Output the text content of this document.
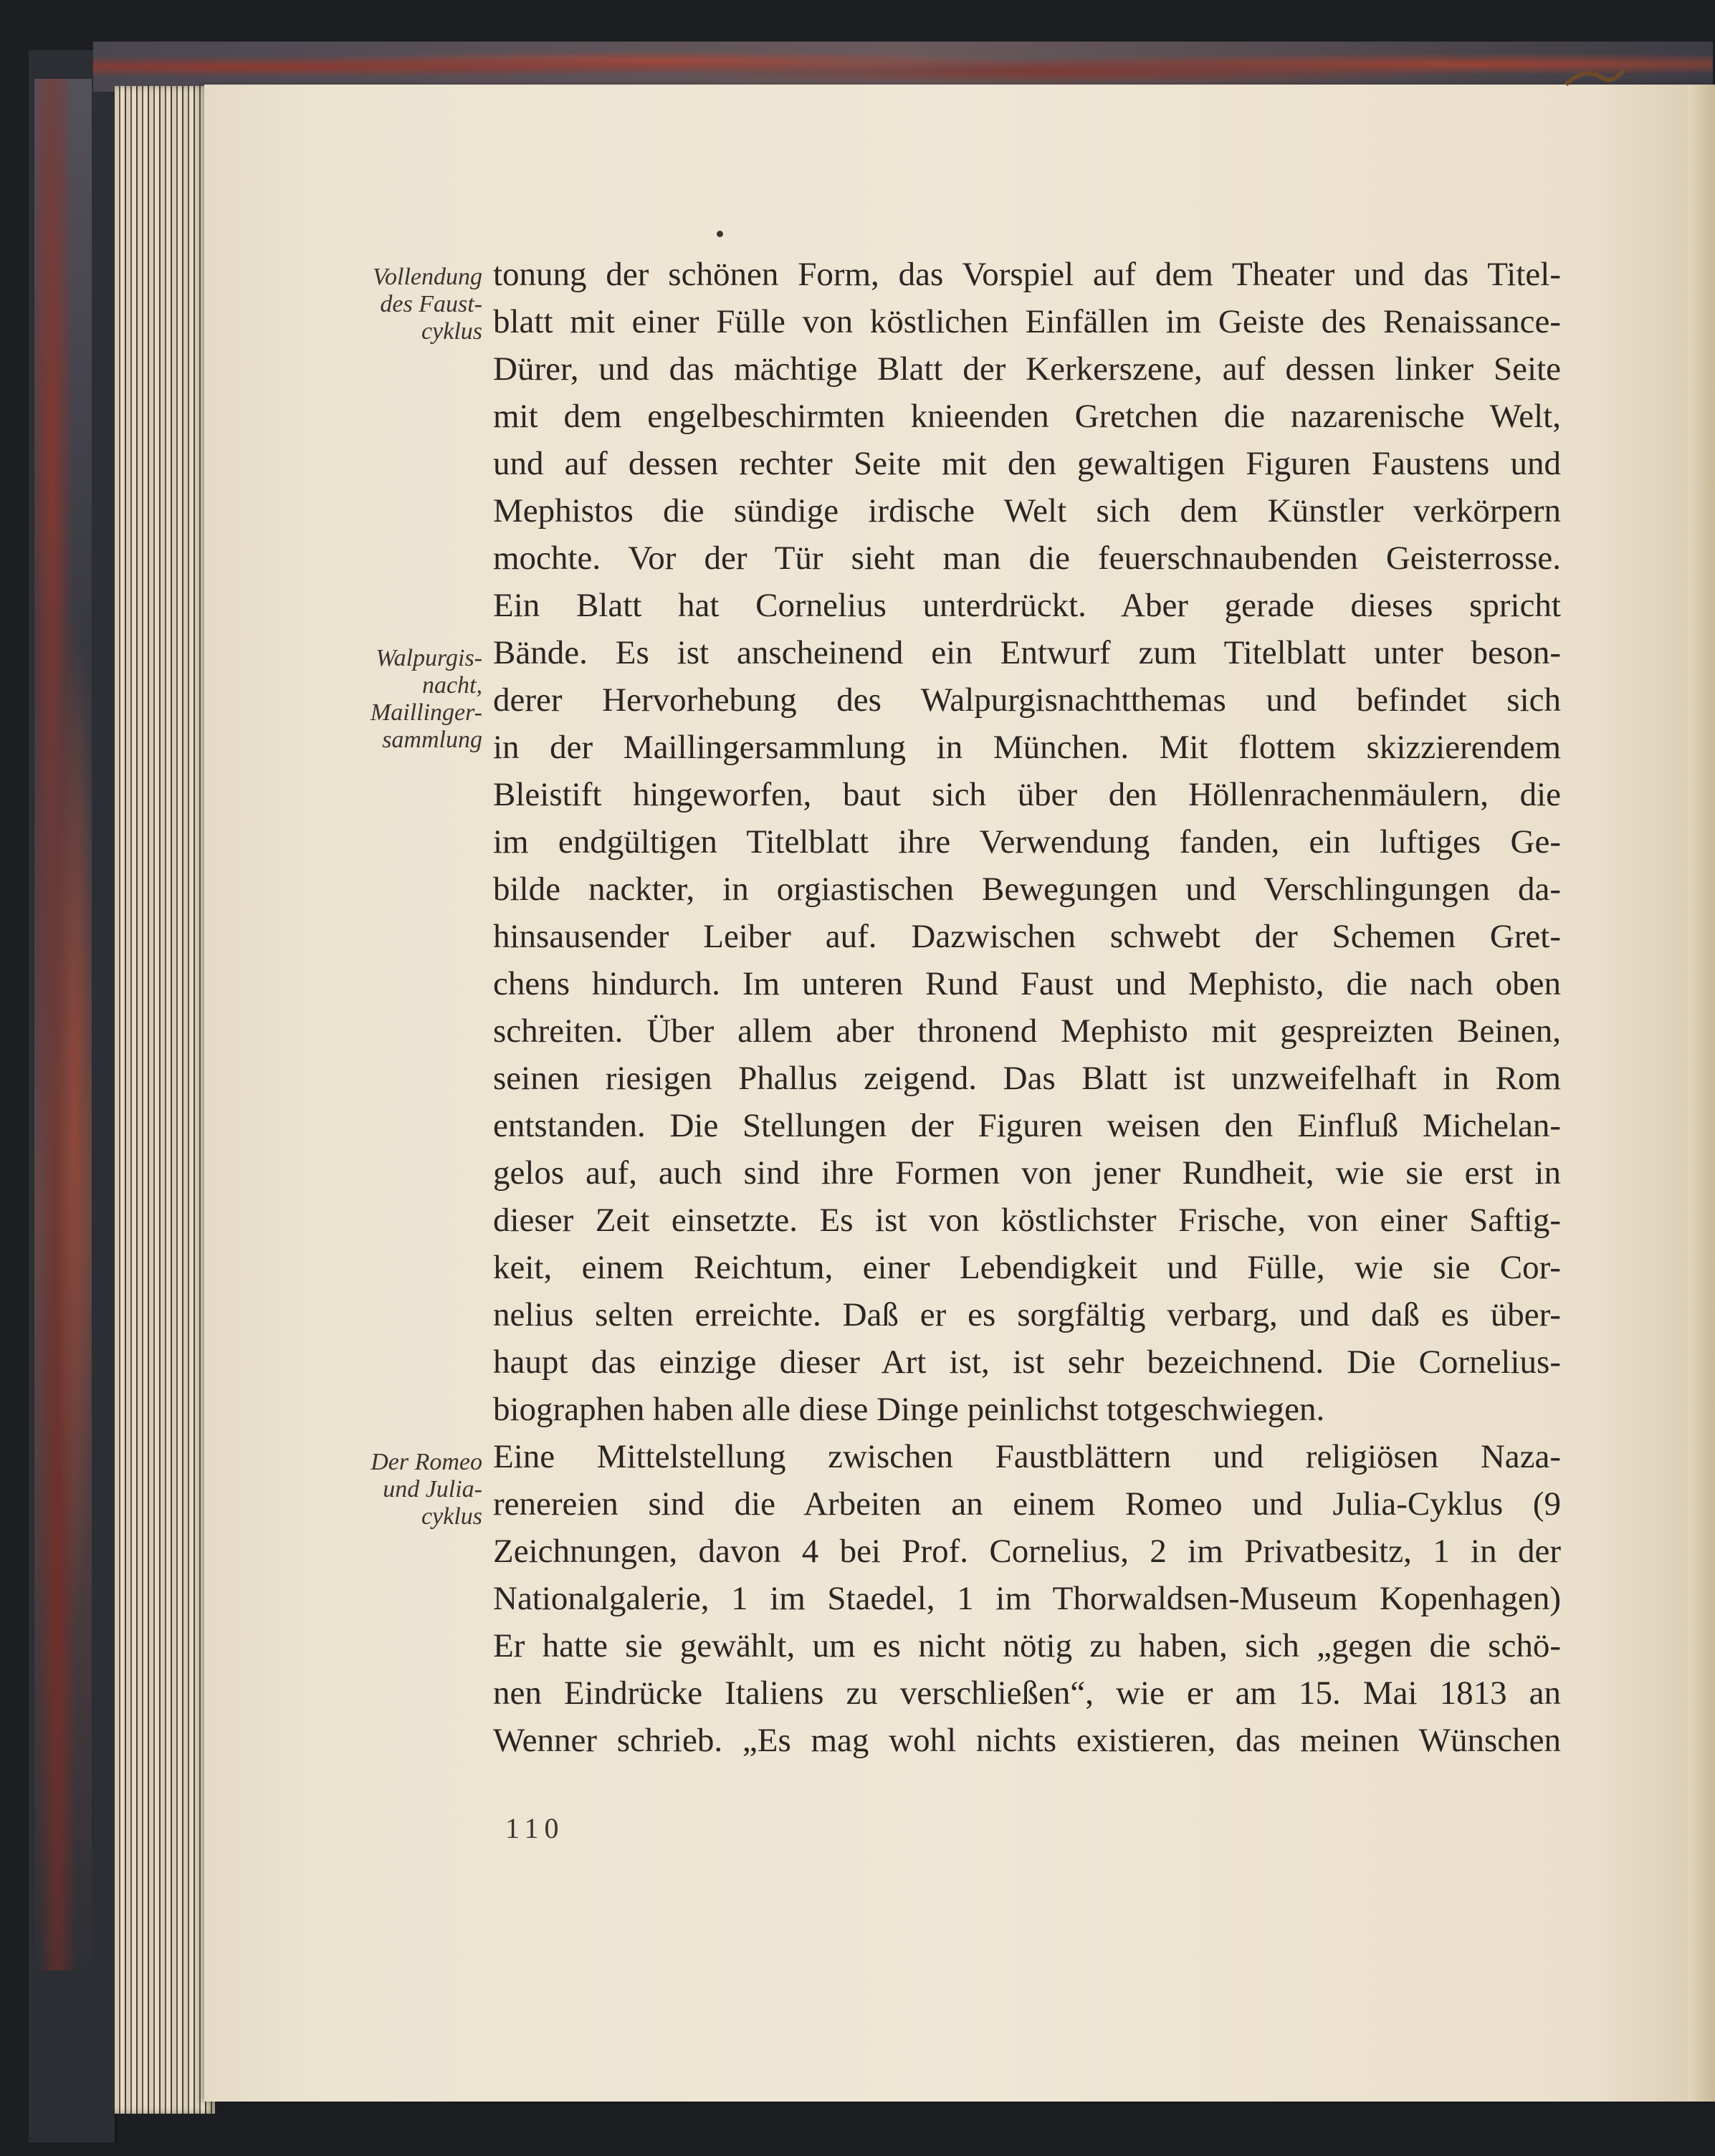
Vollendung
des Faust-
cyklus
Walpurgis-
nacht,
Maillinger-
sammlung
Der Romeo
und Julia-
cyklus
tonung der schönen Form, das Vorspiel auf dem Theater und das Titel-
blatt mit einer Fülle von köstlichen Einfällen im Geiste des Renaissance-
Dürer, und das mächtige Blatt der Kerkerszene, auf dessen linker Seite
mit dem engelbeschirmten knieenden Gretchen die nazarenische Welt,
und auf dessen rechter Seite mit den gewaltigen Figuren Faustens und
Mephistos die sündige irdische Welt sich dem Künstler verkörpern
mochte. Vor der Tür sieht man die feuerschnaubenden Geisterrosse.
Ein Blatt hat Cornelius unterdrückt. Aber gerade dieses spricht
Bände. Es ist anscheinend ein Entwurf zum Titelblatt unter beson-
derer Hervorhebung des Walpurgisnachtthemas und befindet sich
in der Maillingersammlung in München. Mit flottem skizzierendem
Bleistift hingeworfen, baut sich über den Höllenrachenmäulern, die
im endgültigen Titelblatt ihre Verwendung fanden, ein luftiges Ge-
bilde nackter, in orgiastischen Bewegungen und Verschlingungen da-
hinsausender Leiber auf. Dazwischen schwebt der Schemen Gret-
chens hindurch. Im unteren Rund Faust und Mephisto, die nach oben
schreiten. Über allem aber thronend Mephisto mit gespreizten Beinen,
seinen riesigen Phallus zeigend. Das Blatt ist unzweifelhaft in Rom
entstanden. Die Stellungen der Figuren weisen den Einfluß Michelan-
gelos auf, auch sind ihre Formen von jener Rundheit, wie sie erst in
dieser Zeit einsetzte. Es ist von köstlichster Frische, von einer Saftig-
keit, einem Reichtum, einer Lebendigkeit und Fülle, wie sie Cor-
nelius selten erreichte. Daß er es sorgfältig verbarg, und daß es über-
haupt das einzige dieser Art ist, ist sehr bezeichnend. Die Cornelius-
biographen haben alle diese Dinge peinlichst totgeschwiegen.
Eine Mittelstellung zwischen Faustblättern und religiösen Naza-
renereien sind die Arbeiten an einem Romeo und Julia-Cyklus (9
Zeichnungen, davon 4 bei Prof. Cornelius, 2 im Privatbesitz, 1 in der
Nationalgalerie, 1 im Staedel, 1 im Thorwaldsen-Museum Kopenhagen)
Er hatte sie gewählt, um es nicht nötig zu haben, sich „gegen die schö-
nen Eindrücke Italiens zu verschließen“, wie er am 15. Mai 1813 an
Wenner schrieb. „Es mag wohl nichts existieren, das meinen Wünschen
110
